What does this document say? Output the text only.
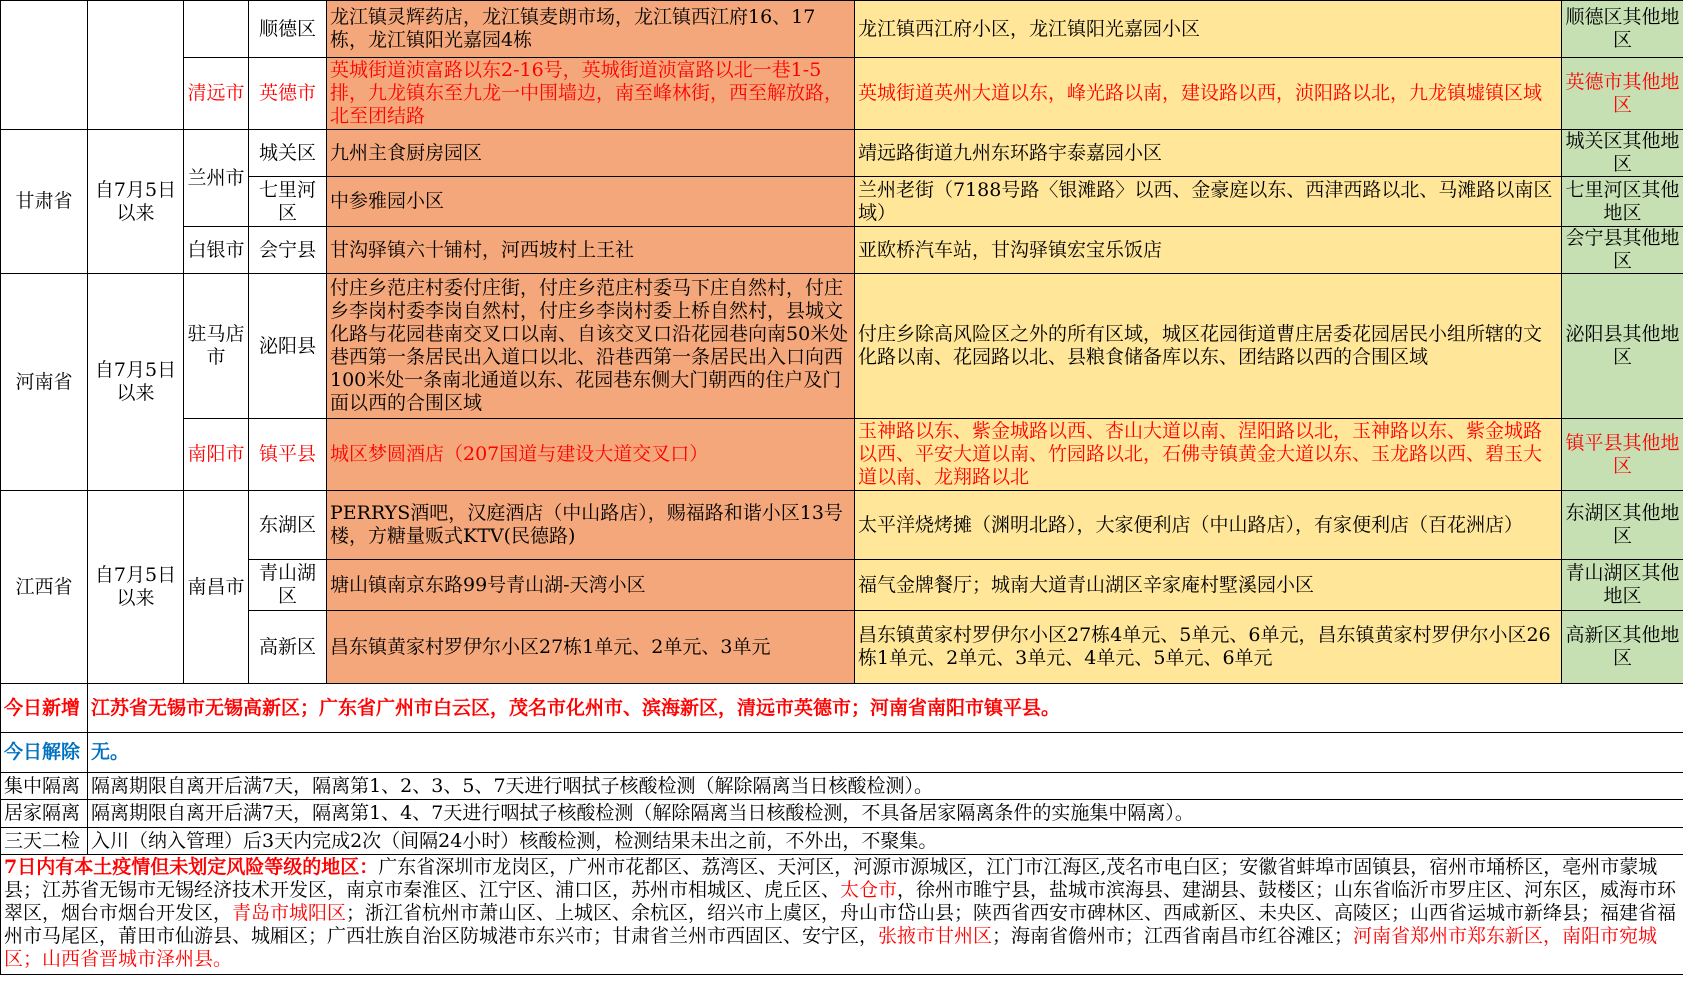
			顺德区	龙江镇灵辉药店，龙江镇麦朗市场，龙江镇西江府16、17栋，龙江镇阳光嘉园4栋	龙江镇西江府小区，龙江镇阳光嘉园小区	顺德区其他地区
		清远市	英德市	英城街道浈富路以东2-16号，英城街道浈富路以北一巷1-5排，九龙镇东至九龙一中围墙边，南至峰林街，西至解放路，北至团结路	英城街道英州大道以东，峰光路以南，建设路以西，浈阳路以北，九龙镇墟镇区域	英德市其他地区
甘肃省	自7月5日以来	兰州市	城关区	九州主食厨房园区	靖远路街道九州东环路宇泰嘉园小区	城关区其他地区
			七里河区	中参雅园小区	兰州老街（7188号路〈银滩路〉以西、金豪庭以东、西津西路以北、马滩路以南区域）	七里河区其他地区
		白银市	会宁县	甘沟驿镇六十铺村，河西坡村上王社	亚欧桥汽车站，甘沟驿镇宏宝乐饭店	会宁县其他地区
河南省	自7月5日以来	驻马店市	泌阳县	付庄乡范庄村委付庄街，付庄乡范庄村委马下庄自然村，付庄乡李岗村委李岗自然村，付庄乡李岗村委上桥自然村，县城文化路与花园巷南交叉口以南、自该交叉口沿花园巷向南50米处巷西第一条居民出入道口以北、沿巷西第一条居民出入口向西100米处一条南北通道以东、花园巷东侧大门朝西的住户及门面以西的合围区域	付庄乡除高风险区之外的所有区域，城区花园街道曹庄居委花园居民小组所辖的文化路以南、花园路以北、县粮食储备库以东、团结路以西的合围区域	泌阳县其他地区
		南阳市	镇平县	城区梦圆酒店（207国道与建设大道交叉口）	玉神路以东、紫金城路以西、杏山大道以南、涅阳路以北，玉神路以东、紫金城路以西、平安大道以南、竹园路以北，石佛寺镇黄金大道以东、玉龙路以西、碧玉大道以南、龙翔路以北	镇平县其他地区
江西省	自7月5日以来	南昌市	东湖区	PERRYS酒吧，汉庭酒店（中山路店），赐福路和谐小区13号楼，方糖量贩式KTV(民德路)	太平洋烧烤摊（渊明北路），大家便利店（中山路店），有家便利店（百花洲店）	东湖区其他地区
			青山湖区	塘山镇南京东路99号青山湖-天湾小区	福气金牌餐厅；城南大道青山湖区辛家庵村墅溪园小区	青山湖区其他地区
			高新区	昌东镇黄家村罗伊尔小区27栋1单元、2单元、3单元	昌东镇黄家村罗伊尔小区27栋4单元、5单元、6单元，昌东镇黄家村罗伊尔小区26栋1单元、2单元、3单元、4单元、5单元、6单元	高新区其他地区
今日新增	江苏省无锡市无锡高新区；广东省广州市白云区，茂名市化州市、滨海新区，清远市英德市；河南省南阳市镇平县。					
今日解除	无。					
集中隔离	隔离期限自离开后满7天，隔离第1、2、3、5、7天进行咽拭子核酸检测（解除隔离当日核酸检测）。					
居家隔离	隔离期限自离开后满7天，隔离第1、4、7天进行咽拭子核酸检测（解除隔离当日核酸检测，不具备居家隔离条件的实施集中隔离）。					
三天二检	入川（纳入管理）后3天内完成2次（间隔24小时）核酸检测，检测结果未出之前，不外出，不聚集。					
7日内有本土疫情但未划定风险等级的地区：广东省深圳市龙岗区，广州市花都区、荔湾区、天河区，河源市源城区，江门市江海区,茂名市电白区；安徽省蚌埠市固镇县，宿州市埇桥区，亳州市蒙城县；江苏省无锡市无锡经济技术开发区，南京市秦淮区、江宁区、浦口区，苏州市相城区、虎丘区、太仓市，徐州市睢宁县，盐城市滨海县、建湖县、鼓楼区；山东省临沂市罗庄区、河东区，威海市环翠区，烟台市烟台开发区，青岛市城阳区；浙江省杭州市萧山区、上城区、余杭区，绍兴市上虞区，舟山市岱山县；陕西省西安市碑林区、西咸新区、未央区、高陵区；山西省运城市新绛县；福建省福州市马尾区，莆田市仙游县、城厢区；广西壮族自治区防城港市东兴市；甘肃省兰州市西固区、安宁区，张掖市甘州区；海南省儋州市；江西省南昌市红谷滩区；河南省郑州市郑东新区，南阳市宛城区；山西省晋城市泽州县。						
